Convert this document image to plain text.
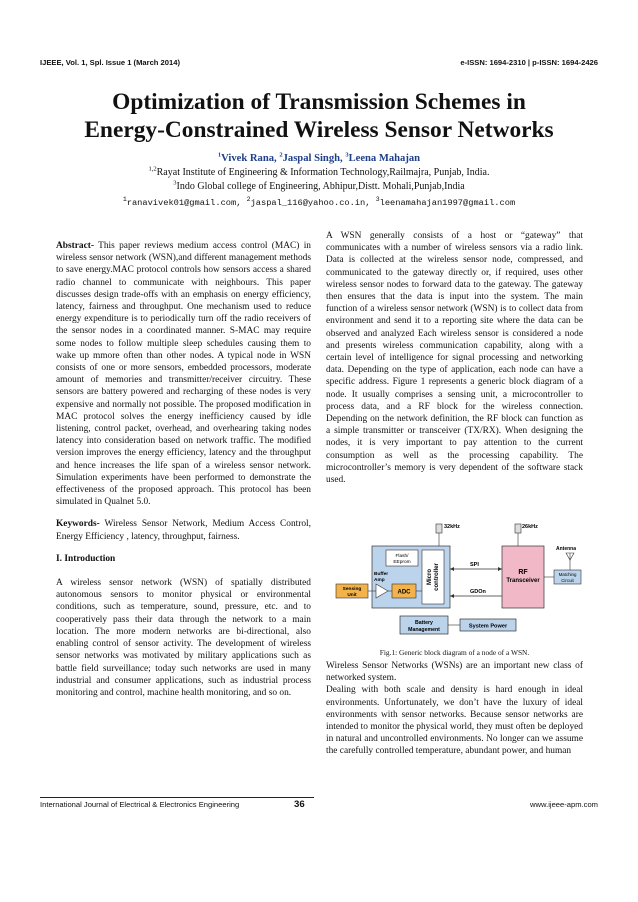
IJEEE, Vol. 1, Spl. Issue 1 (March 2014)	e-ISSN: 1694-2310 | p-ISSN: 1694-2426
Optimization of Transmission Schemes in
Energy-Constrained Wireless Sensor Networks
$^1$Vivek Rana, $^2$Jaspal Singh, $^3$Leena Mahajan
$^{1,2}$Rayat Institute of Engineering & Information Technology,Railmajra, Punjab, India.
$^3$Indo Global college of Engineering, Abhipur,Distt. Mohali,Punjab,India
$^1$ranavivek01@gmail.com, $^2$jaspal_116@yahoo.co.in, $^3$leenamahajan1997@gmail.com

Abstract- This paper reviews medium access control (MAC) in wireless sensor network (WSN),and different management methods to save energy.MAC protocol controls how sensors access a shared radio channel to communicate with neighbours. This paper discusses design trade-offs with an emphasis on energy efficiency, latency, fairness and throughput. One mechanism used to reduce energy expenditure is to periodically turn off the radio receivers of the sensor nodes in a coordinated manner. S-MAC may require some nodes to follow multiple sleep schedules causing them to wake up mmore often than other nodes. A typical node in WSN consists of one or more sensors, embedded processors, moderate amount of memories and transmitter/receiver circuitry. These sensors are battery powered and recharging of these nodes is very expensive and normally not possible. The proposed modification in MAC protocol solves the energy inefficiency caused by idle listening, control packet, overhead, and overhearing taking nodes latency into consideration based on network traffic. The modified version improves the energy efficiency, latency and the throughput and hence increases the life span of a wireless sensor network. Simulation experiments have been performed to demonstrate the effectiveness of the proposed approach. This protocol has been simulated in Qualnet 5.0.

Keywords- Wireless Sensor Network, Medium Access Control, Energy Efficiency , latency, throughput, fairness.

I. Introduction

A wireless sensor network (WSN) of spatially distributed autonomous sensors to monitor physical or environmental conditions, such as temperature, sound, pressure, etc. and to cooperatively pass their data through the network to a main location. The more modern networks are bi-directional, also enabling control of sensor activity. The development of wireless sensor networks was motivated by military applications such as battle field surveillance; today such networks are used in many industrial and consumer applications, such as industrial process monitoring and control, machine health monitoring, and so on.

A WSN generally consists of a host or “gateway” that communicates with a number of wireless sensors via a radio link. Data is collected at the wireless sensor node, compressed, and communicated to the gateway directly or, if required, uses other wireless sensor nodes to forward data to the gateway. The gateway then ensures that the data is input into the system. The main function of a wireless sensor network (WSN) is to collect data from environment and send it to a reporting site where the data can be observed and analyzed Each wireless sensor is considered a node and presents wireless communication capability, along with a certain level of intelligence for signal processing and networking data. Depending on the type of application, each node can have a specific address. Figure 1 represents a generic block diagram of a node. It usually comprises a sensing unit, a microcontroller to process data, and a RF block for the wireless connection. Depending on the network definition, the RF block can function as a simple transmitter or transceiver (TX/RX). When designing the nodes, it is very important to pay attention to the current consumption as well as the processing capability. The microcontroller’s memory is very dependent of the software stack used.

32kHz	26kHz
Flash/
EEprom
Buffer
Amp
ADC
Micro controller
Sensing
Unit
SPI
GDOn
RF
Transceiver
Antenna
Matching
Circuit
Battery
Management
System Power
Fig.1: Generic block diagram of a node of a WSN.
Wireless Sensor Networks (WSNs) are an important new class of networked system.
Dealing with both scale and density is hard enough in ideal environments. Unfortunately, we don’t have the luxury of ideal environments with sensor networks. Because sensor networks are intended to monitor the physical world, they must often be deployed in natural and uncontrolled environments. No longer can we assume the carefully controlled temperature, abundant power, and human
International Journal of Electrical & Electronics Engineering	36	www.ijeee-apm.com
